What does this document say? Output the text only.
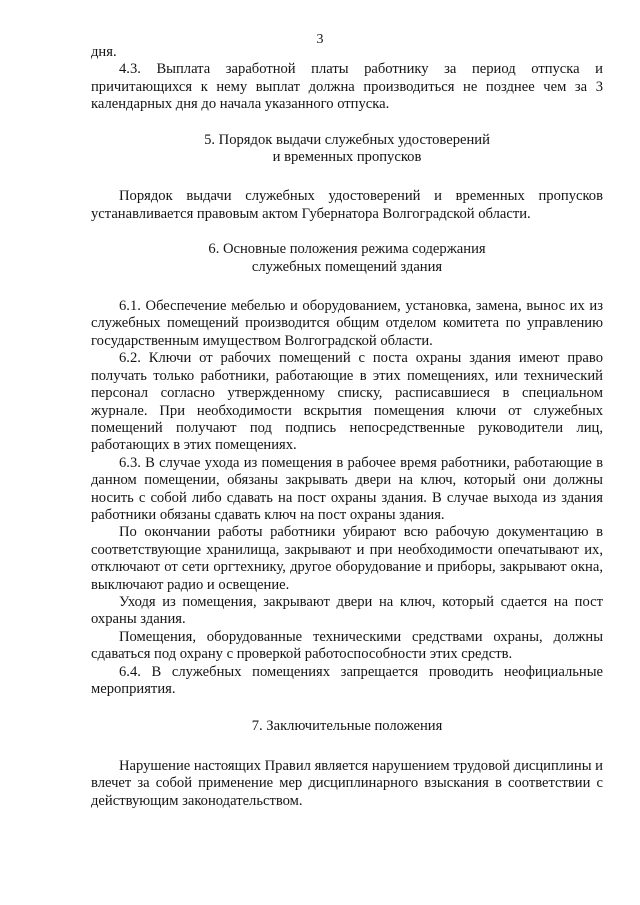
3

дня.

4.3. Выплата заработной платы работнику за период отпуска и причитающихся к нему выплат должна производиться не позднее чем за 3 календарных дня до начала указанного отпуска.

5. Порядок выдачи служебных удостоверений
и временных пропусков

Порядок выдачи служебных удостоверений и временных пропусков устанавливается правовым актом Губернатора Волгоградской области.

6. Основные положения режима содержания
служебных помещений здания

6.1. Обеспечение мебелью и оборудованием, установка, замена, вынос их из служебных помещений производится общим отделом комитета по управлению государственным имуществом Волгоградской области.

6.2. Ключи от рабочих помещений с поста охраны здания имеют право получать только работники, работающие в этих помещениях, или технический персонал согласно утвержденному списку, расписавшиеся в специальном журнале. При необходимости вскрытия помещения ключи от служебных помещений получают под подпись непосредственные руководители лиц, работающих в этих помещениях.

6.3. В случае ухода из помещения в рабочее время работники, работающие в данном помещении, обязаны закрывать двери на ключ, который они должны носить с собой либо сдавать на пост охраны здания. В случае выхода из здания работники обязаны сдавать ключ на пост охраны здания.

По окончании работы работники убирают всю рабочую документацию в соответствующие хранилища, закрывают и при необходимости опечатывают их, отключают от сети оргтехнику, другое оборудование и приборы, закрывают окна, выключают радио и освещение.

Уходя из помещения, закрывают двери на ключ, который сдается на пост охраны здания.

Помещения, оборудованные техническими средствами охраны, должны сдаваться под охрану с проверкой работоспособности этих средств.

6.4. В служебных помещениях запрещается проводить неофициальные мероприятия.

7. Заключительные положения

Нарушение настоящих Правил является нарушением трудовой дисциплины и влечет за собой применение мер дисциплинарного взыскания в соответствии с действующим законодательством.
